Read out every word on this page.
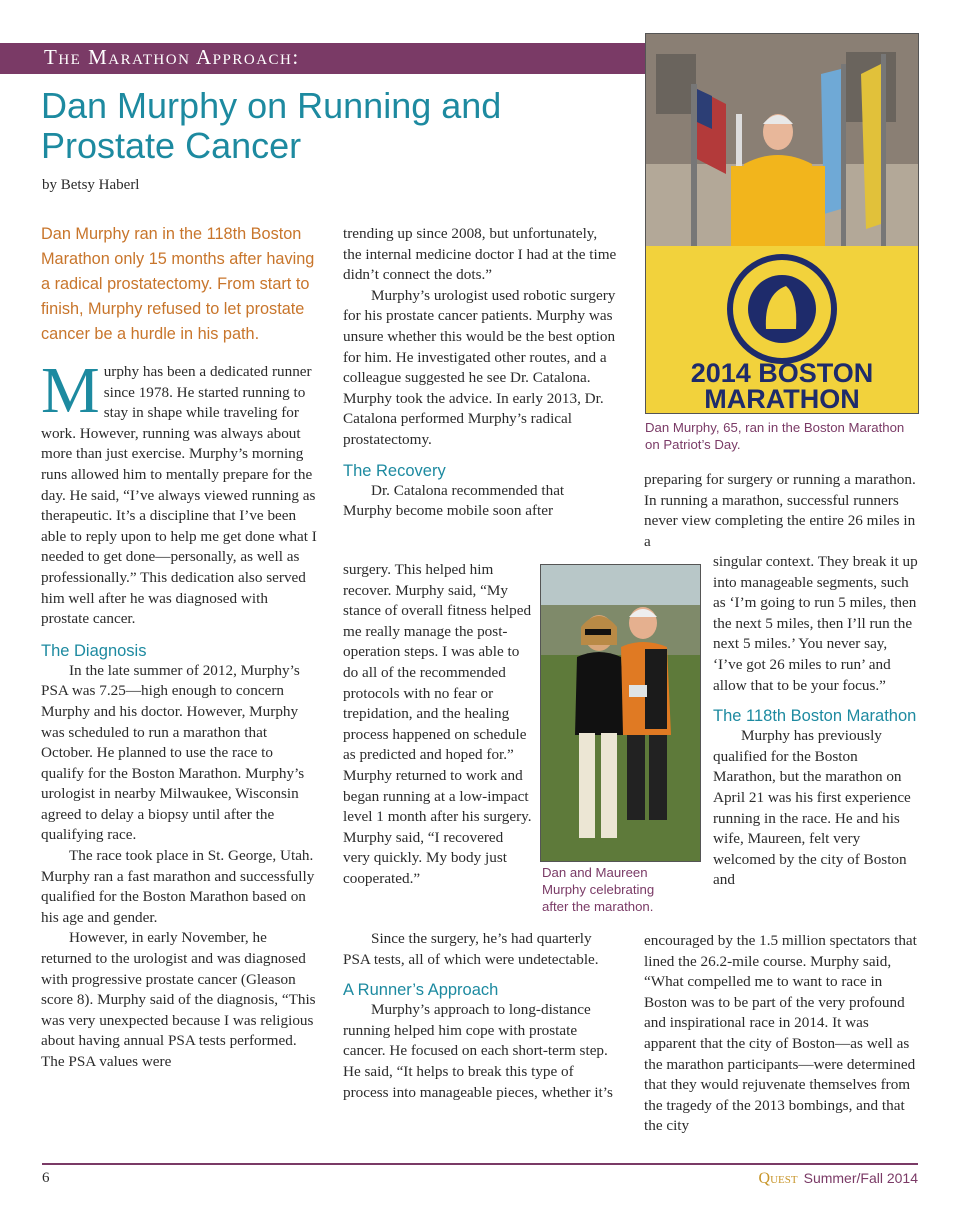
The Marathon Approach:
Dan Murphy on Running and Prostate Cancer
by Betsy Haberl
Dan Murphy ran in the 118th Boston Marathon only 15 months after having a radical prostatectomy. From start to finish, Murphy refused to let prostate cancer be a hurdle in his path.

Murphy has been a dedicated runner since 1978. He started running to stay in shape while traveling for work. However, running was always about more than just exercise. Murphy’s morning runs allowed him to mentally prepare for the day. He said, “I’ve always viewed running as therapeutic. It’s a discipline that I’ve been able to reply upon to help me get done what I needed to get done—personally, as well as professionally.” This dedication also served him well after he was diagnosed with prostate cancer.

The Diagnosis

In the late summer of 2012, Murphy’s PSA was 7.25—high enough to concern Murphy and his doctor. However, Murphy was scheduled to run a marathon that October. He planned to use the race to qualify for the Boston Marathon. Murphy’s urologist in nearby Milwaukee, Wisconsin agreed to delay a biopsy until after the qualifying race.

The race took place in St. George, Utah. Murphy ran a fast marathon and successfully qualified for the Boston Marathon based on his age and gender.

However, in early November, he returned to the urologist and was diagnosed with progressive prostate cancer (Gleason score 8). Murphy said of the diagnosis, “This was very unexpected because I was religious about having annual PSA tests performed. The PSA values were

trending up since 2008, but unfortunately, the internal medicine doctor I had at the time didn’t connect the dots.”

Murphy’s urologist used robotic surgery for his prostate cancer patients. Murphy was unsure whether this would be the best option for him. He investigated other routes, and a colleague suggested he see Dr. Catalona. Murphy took the advice. In early 2013, Dr. Catalona performed Murphy’s radical prostatectomy.

The Recovery

Dr. Catalona recommended that Murphy become mobile soon after

surgery. This helped him recover. Murphy said, “My stance of overall fitness helped me really manage the post-operation steps. I was able to do all of the recommended protocols with no fear or trepidation, and the healing process happened on schedule as predicted and hoped for.” Murphy returned to work and began running at a low-impact level 1 month after his surgery. Murphy said, “I recovered very quickly. My body just cooperated.”

Since the surgery, he’s had quarterly PSA tests, all of which were undetectable.

A Runner’s Approach

Murphy’s approach to long-distance running helped him cope with prostate cancer. He focused on each short-term step. He said, “It helps to break this type of process into manageable pieces, whether it’s

preparing for surgery or running a marathon. In running a marathon, successful runners never view completing the entire 26 miles in a

singular context. They break it up into manageable segments, such as ‘I’m going to run 5 miles, then the next 5 miles, then I’ll run the next 5 miles.’ You never say, ‘I’ve got 26 miles to run’ and allow that to be your focus.”

The 118th Boston Marathon

Murphy has previously qualified for the Boston Marathon, but the marathon on April 21 was his first experience running in the race. He and his wife, Maureen, felt very welcomed by the city of Boston and

encouraged by the 1.5 million spectators that lined the 26.2-mile course. Murphy said, “What compelled me to want to race in Boston was to be part of the very profound and inspirational race in 2014. It was apparent that the city of Boston—as well as the marathon participants—were determined that they would rejuvenate themselves from the tragedy of the 2013 bombings, and that the city

2014 BOSTON
MARATHON
Dan Murphy, 65, ran in the Boston Marathon on Patriot’s Day.
Dan and Maureen Murphy celebrating after the marathon.
6	Quest Summer/Fall 2014
